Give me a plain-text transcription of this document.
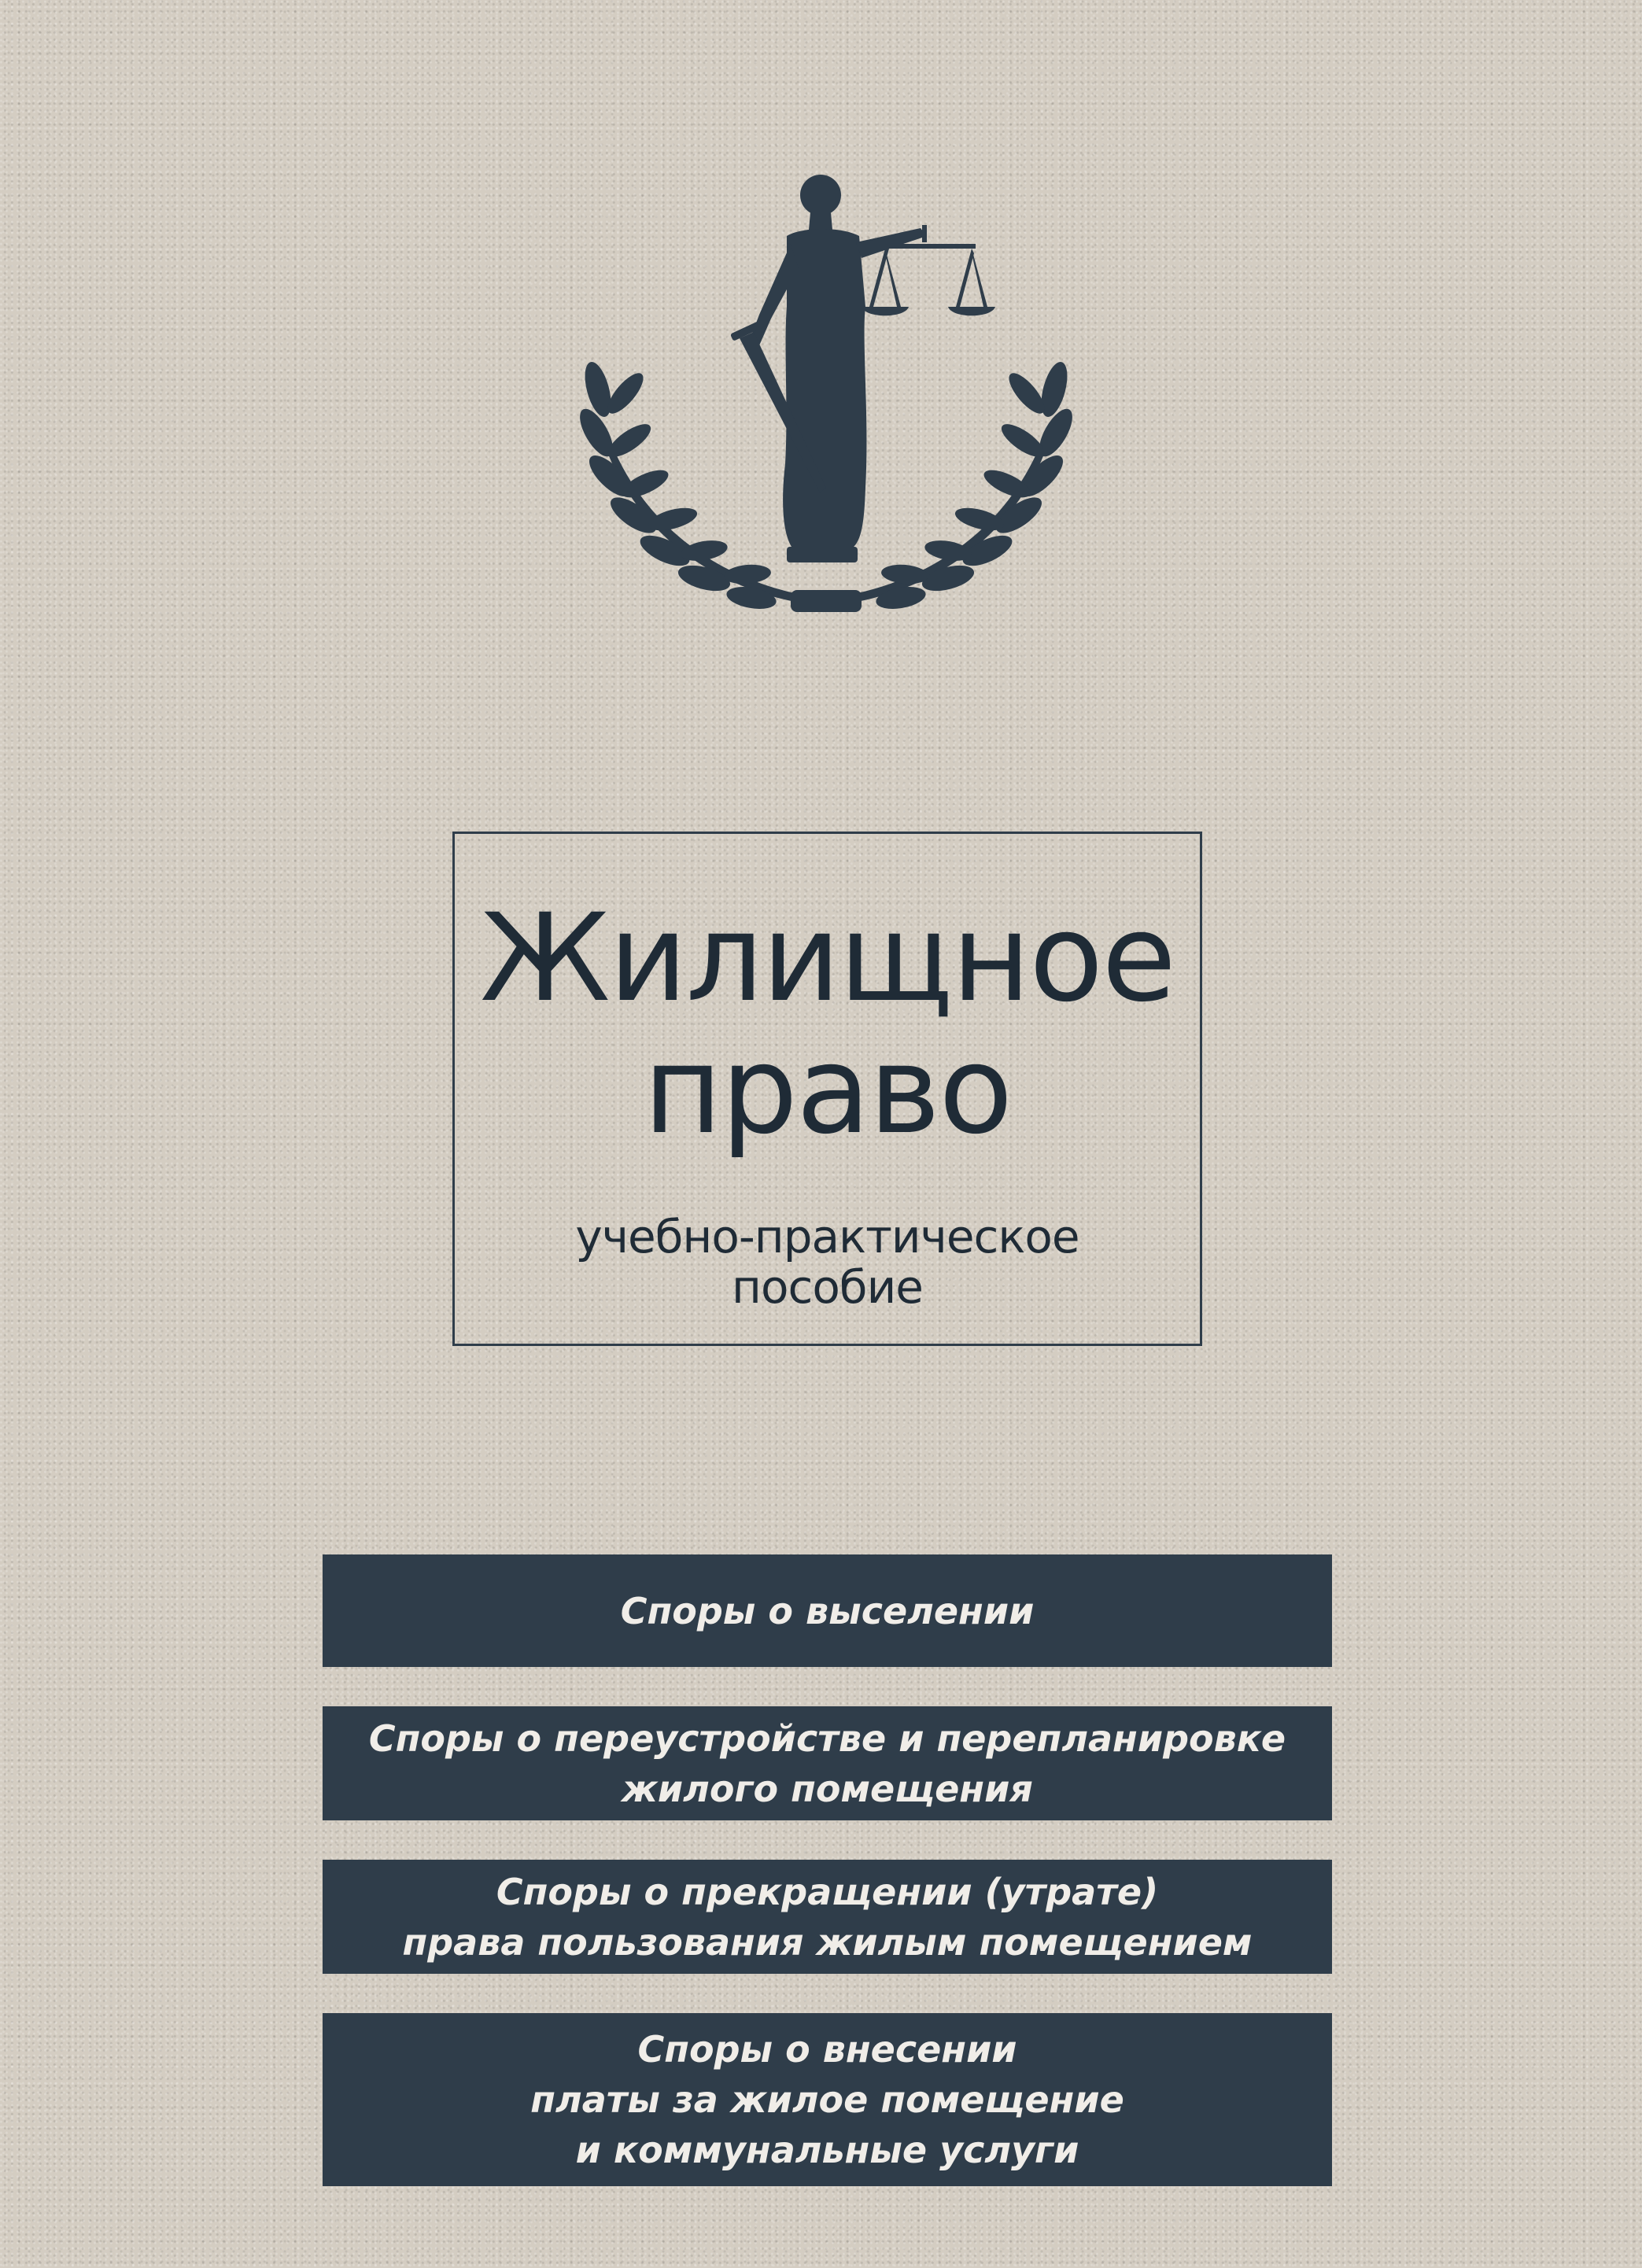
Жилищное
право
учебно-практическое
пособие
Споры о выселении
Споры о переустройстве и перепланировке
жилого помещения
Споры о прекращении (утрате)
права пользования жилым помещением
Споры о внесении
платы за жилое помещение
и коммунальные услуги
